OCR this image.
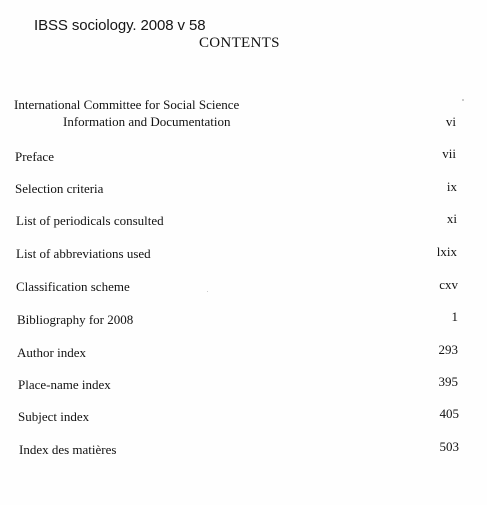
IBSS sociology. 2008 v 58
CONTENTS
International Committee for Social Science
Information and Documentation	vi
Preface	vii
Selection criteria	ix
List of periodicals consulted	xi
List of abbreviations used	lxix
Classification scheme	cxv
Bibliography for 2008	1
Author index	293
Place-name index	395
Subject index	405
Index des matières	503
